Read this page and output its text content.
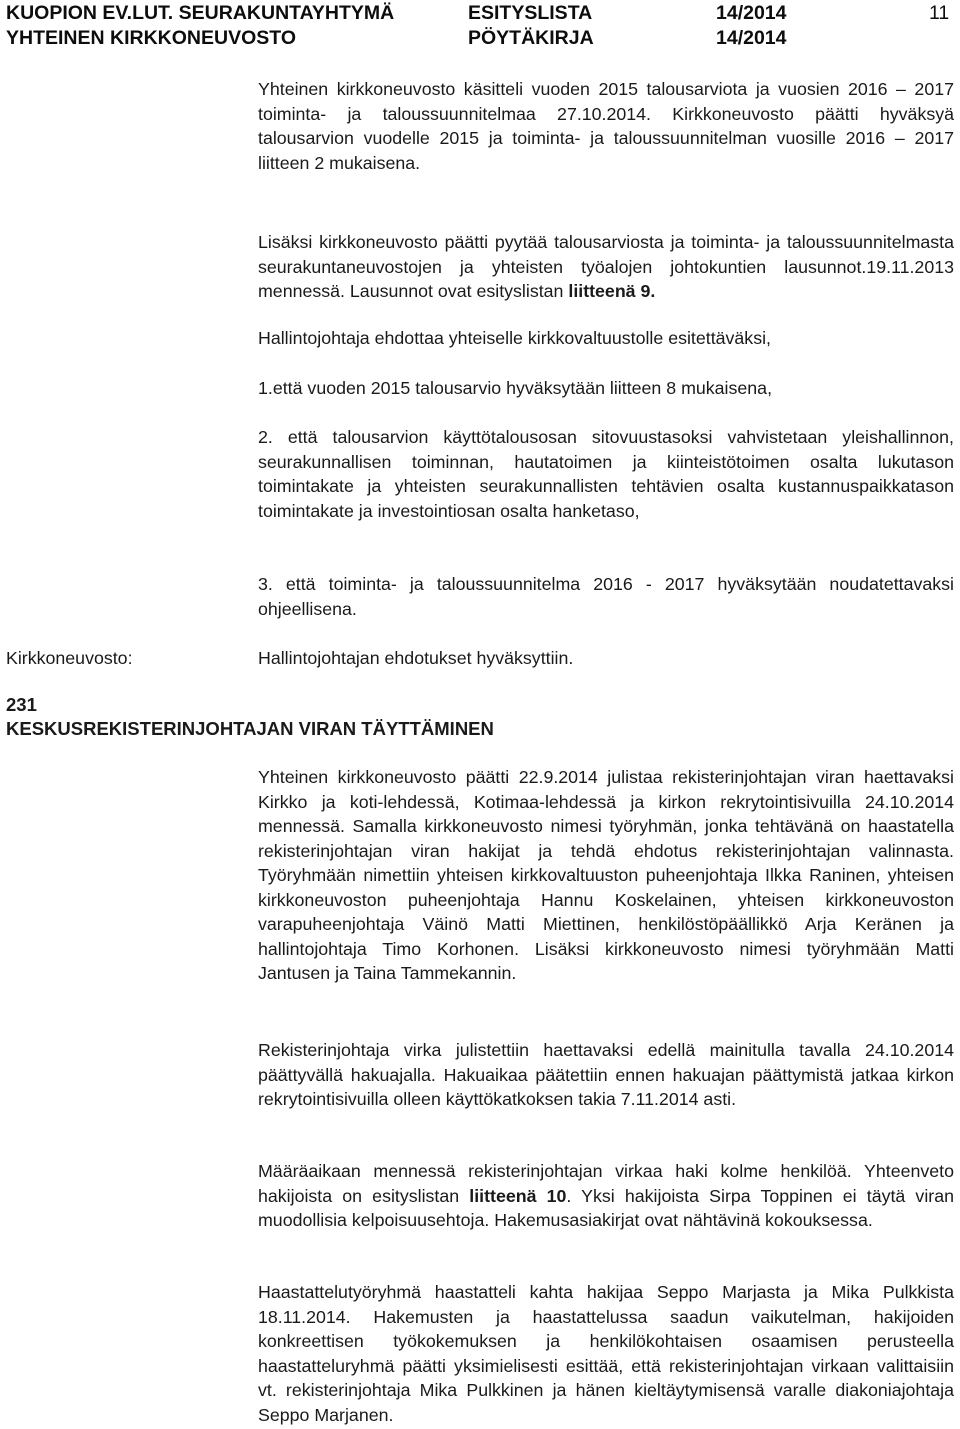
KUOPION EV.LUT. SEURAKUNTAYHTYMÄ
YHTEINEN KIRKKONEUVOSTO
ESITYSLISTA
PÖYTÄKIRJA
14/2014
14/2014
11

Yhteinen kirkkoneuvosto käsitteli vuoden 2015 talousarviota ja vuosien 2016 – 2017 toiminta- ja taloussuunnitelmaa 27.10.2014. Kirkkoneuvosto päätti hyväksyä talousarvion vuodelle 2015 ja toiminta- ja taloussuunnitelman vuosille 2016 – 2017 liitteen 2 mukaisena.

Lisäksi kirkkoneuvosto päätti pyytää talousarviosta ja toiminta- ja taloussuunnitelmasta seurakuntaneuvostojen ja yhteisten työalojen johtokuntien lausunnot.19.11.2013 mennessä. Lausunnot ovat esityslistan liitteenä 9.

Hallintojohtaja ehdottaa yhteiselle kirkkovaltuustolle esitettäväksi,

1.että vuoden 2015 talousarvio hyväksytään liitteen 8 mukaisena,

2. että talousarvion käyttötalousosan sitovuustasoksi vahvistetaan yleishallinnon, seurakunnallisen toiminnan, hautatoimen ja kiinteistötoimen osalta lukutason toimintakate ja yhteisten seurakunnallisten tehtävien osalta kustannuspaikkatason toimintakate ja investointiosan osalta hanketaso,

3. että toiminta- ja taloussuunnitelma 2016 - 2017 hyväksytään noudatettavaksi ohjeellisena.

Kirkkoneuvosto:	Hallintojohtajan ehdotukset hyväksyttiin.

231

KESKUSREKISTERINJOHTAJAN VIRAN TÄYTTÄMINEN

Yhteinen kirkkoneuvosto päätti 22.9.2014 julistaa rekisterinjohtajan viran haettavaksi Kirkko ja koti-lehdessä, Kotimaa-lehdessä ja kirkon rekrytointisivuilla 24.10.2014 mennessä. Samalla kirkkoneuvosto nimesi työryhmän, jonka tehtävänä on haastatella rekisterinjohtajan viran hakijat ja tehdä ehdotus rekisterinjohtajan valinnasta. Työryhmään nimettiin yhteisen kirkkovaltuuston puheenjohtaja Ilkka Raninen, yhteisen kirkkoneuvoston puheenjohtaja Hannu Koskelainen, yhteisen kirkkoneuvoston varapuheenjohtaja Väinö Matti Miettinen, henkilöstöpäällikkö Arja Keränen ja hallintojohtaja Timo Korhonen. Lisäksi kirkkoneuvosto nimesi työryhmään Matti Jantusen ja Taina Tammekannin.

Rekisterinjohtaja virka julistettiin haettavaksi edellä mainitulla tavalla 24.10.2014 päättyvällä hakuajalla. Hakuaikaa päätettiin ennen hakuajan päättymistä jatkaa kirkon rekrytointisivuilla olleen käyttökatkoksen takia 7.11.2014 asti.

Määräaikaan mennessä rekisterinjohtajan virkaa haki kolme henkilöä. Yhteenveto hakijoista on esityslistan liitteenä 10. Yksi hakijoista Sirpa Toppinen ei täytä viran muodollisia kelpoisuusehtoja. Hakemusasiakirjat ovat nähtävinä kokouksessa.

Haastattelutyöryhmä haastatteli kahta hakijaa Seppo Marjasta ja Mika Pulkkista 18.11.2014. Hakemusten ja haastattelussa saadun vaikutelman, hakijoiden konkreettisen työkokemuksen ja henkilökohtaisen osaamisen perusteella haastatteluryhmä päätti yksimielisesti esittää, että rekisterinjohtajan virkaan valittaisiin vt. rekisterinjohtaja Mika Pulkkinen ja hänen kieltäytymisensä varalle diakoniajohtaja Seppo Marjanen.
